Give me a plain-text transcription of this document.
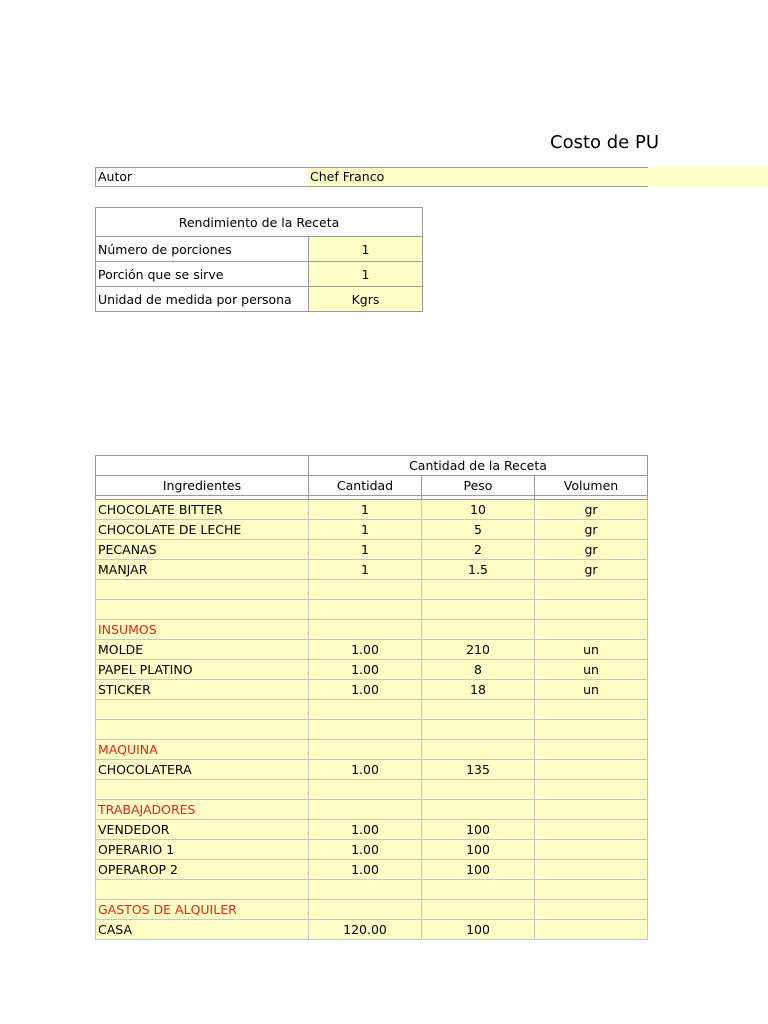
Costo de PU
Autor	Chef Franco
Rendimiento de la Receta	
Número de porciones	1
Porción que se sirve	1
Unidad de medida por persona	Kgrs
	Cantidad de la Receta		
Ingredientes	Cantidad	Peso	Volumen

CHOCOLATE BITTER	1	10	gr
CHOCOLATE DE LECHE	1	5	gr
PECANAS	1	2	gr
MANJAR	1	1.5	gr

INSUMOS			
MOLDE	1.00	210	un
PAPEL PLATINO	1.00	8	un
STICKER	1.00	18	un

MAQUINA			
CHOCOLATERA	1.00	135	

TRABAJADORES			
VENDEDOR	1.00	100	
OPERARIO 1	1.00	100	
OPERAROP 2	1.00	100	

GASTOS DE ALQUILER			
CASA	120.00	100	
